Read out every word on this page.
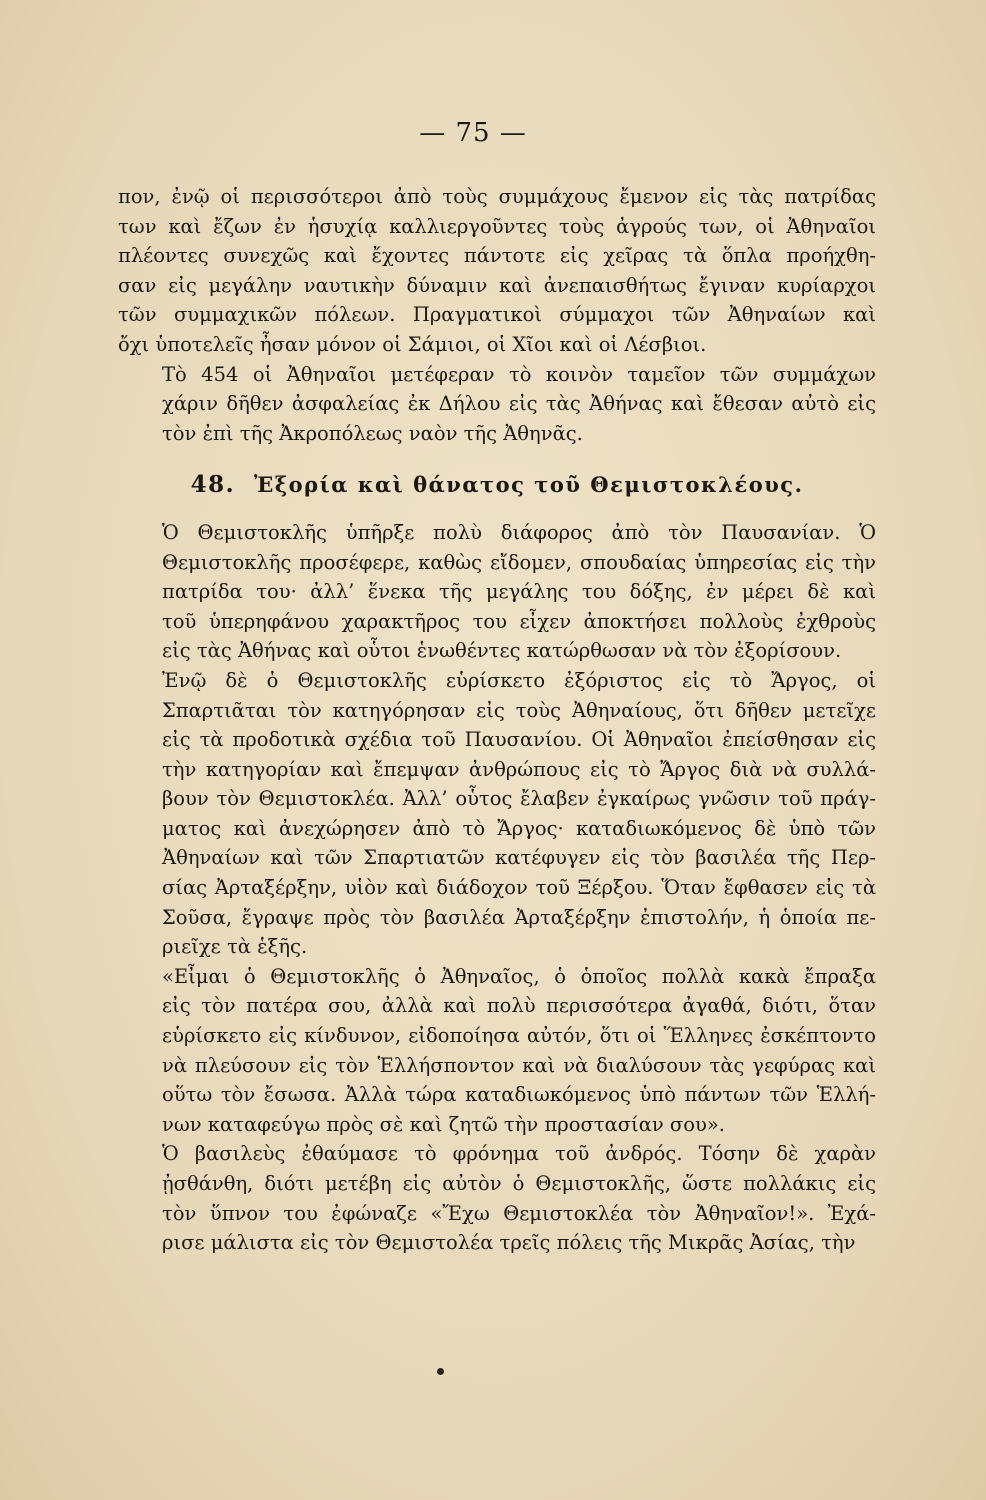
— 75 —

πον, ἐνῷ οἱ περισσότεροι ἀπὸ τοὺς συμμάχους ἔμενον εἰς τὰς πατρίδας
των καὶ ἔζων ἐν ἡσυχίᾳ καλλιεργοῦντες τοὺς ἀγρούς των, οἱ Ἀθηναῖοι
πλέοντες συνεχῶς καὶ ἔχοντες πάντοτε εἰς χεῖρας τὰ ὅπλα προήχθη-
σαν εἰς μεγάλην ναυτικὴν δύναμιν καὶ ἀνεπαισθήτως ἔγιναν κυρίαρχοι
τῶν συμμαχικῶν πόλεων. Πραγματικοὶ σύμμαχοι τῶν Ἀθηναίων καὶ
ὄχι ὑποτελεῖς ἦσαν μόνον οἱ Σάμιοι, οἱ Χῖοι καὶ οἱ Λέσβιοι.

Τὸ 454 οἱ Ἀθηναῖοι μετέφεραν τὸ κοινὸν ταμεῖον τῶν συμμάχων
χάριν δῆθεν ἀσφαλείας ἐκ Δήλου εἰς τὰς Ἀθήνας καὶ ἔθεσαν αὐτὸ εἰς
τὸν ἐπὶ τῆς Ἀκροπόλεως ναὸν τῆς Ἀθηνᾶς.

48. Ἐξορία καὶ θάνατος τοῦ Θεμιστοκλέους.

Ὁ Θεμιστοκλῆς ὑπῆρξε πολὺ διάφορος ἀπὸ τὸν Παυσανίαν. Ὁ
Θεμιστοκλῆς προσέφερε, καθὼς εἴδομεν, σπουδαίας ὑπηρεσίας εἰς τὴν
πατρίδα του· ἀλλ’ ἕνεκα τῆς μεγάλης του δόξης, ἐν μέρει δὲ καὶ
τοῦ ὑπερηφάνου χαρακτῆρος του εἶχεν ἀποκτήσει πολλοὺς ἐχθροὺς
εἰς τὰς Ἀθήνας καὶ οὗτοι ἑνωθέντες κατώρθωσαν νὰ τὸν ἐξορίσουν.

Ἐνῷ δὲ ὁ Θεμιστοκλῆς εὑρίσκετο ἐξόριστος εἰς τὸ Ἄργος, οἱ
Σπαρτιᾶται τὸν κατηγόρησαν εἰς τοὺς Ἀθηναίους, ὅτι δῆθεν μετεῖχε
εἰς τὰ προδοτικὰ σχέδια τοῦ Παυσανίου. Οἱ Ἀθηναῖοι ἐπείσθησαν εἰς
τὴν κατηγορίαν καὶ ἔπεμψαν ἀνθρώπους εἰς τὸ Ἄργος διὰ νὰ συλλά-
βουν τὸν Θεμιστοκλέα. Ἀλλ’ οὗτος ἔλαβεν ἐγκαίρως γνῶσιν τοῦ πράγ-
ματος καὶ ἀνεχώρησεν ἀπὸ τὸ Ἄργος· καταδιωκόμενος δὲ ὑπὸ τῶν
Ἀθηναίων καὶ τῶν Σπαρτιατῶν κατέφυγεν εἰς τὸν βασιλέα τῆς Περ-
σίας Ἀρταξέρξην, υἱὸν καὶ διάδοχον τοῦ Ξέρξου. Ὅταν ἔφθασεν εἰς τὰ
Σοῦσα, ἔγραψε πρὸς τὸν βασιλέα Ἀρταξέρξην ἐπιστολήν, ἡ ὁποία πε-
ριεῖχε τὰ ἑξῆς.

«Εἶμαι ὁ Θεμιστοκλῆς ὁ Ἀθηναῖος, ὁ ὁποῖος πολλὰ κακὰ ἔπραξα
εἰς τὸν πατέρα σου, ἀλλὰ καὶ πολὺ περισσότερα ἀγαθά, διότι, ὅταν
εὑρίσκετο εἰς κίνδυνον, εἰδοποίησα αὐτόν, ὅτι οἱ Ἕλληνες ἐσκέπτοντο
νὰ πλεύσουν εἰς τὸν Ἑλλήσποντον καὶ νὰ διαλύσουν τὰς γεφύρας καὶ
οὕτω τὸν ἔσωσα. Ἀλλὰ τώρα καταδιωκόμενος ὑπὸ πάντων τῶν Ἑλλή-
νων καταφεύγω πρὸς σὲ καὶ ζητῶ τὴν προστασίαν σου».

Ὁ βασιλεὺς ἐθαύμασε τὸ φρόνημα τοῦ ἀνδρός. Τόσην δὲ χαρὰν
ᾐσθάνθη, διότι μετέβη εἰς αὐτὸν ὁ Θεμιστοκλῆς, ὥστε πολλάκις εἰς
τὸν ὕπνον του ἐφώναζε «Ἔχω Θεμιστοκλέα τὸν Ἀθηναῖον!». Ἐχά-
ρισε μάλιστα εἰς τὸν Θεμιστολέα τρεῖς πόλεις τῆς Μικρᾶς Ἀσίας, τὴν
